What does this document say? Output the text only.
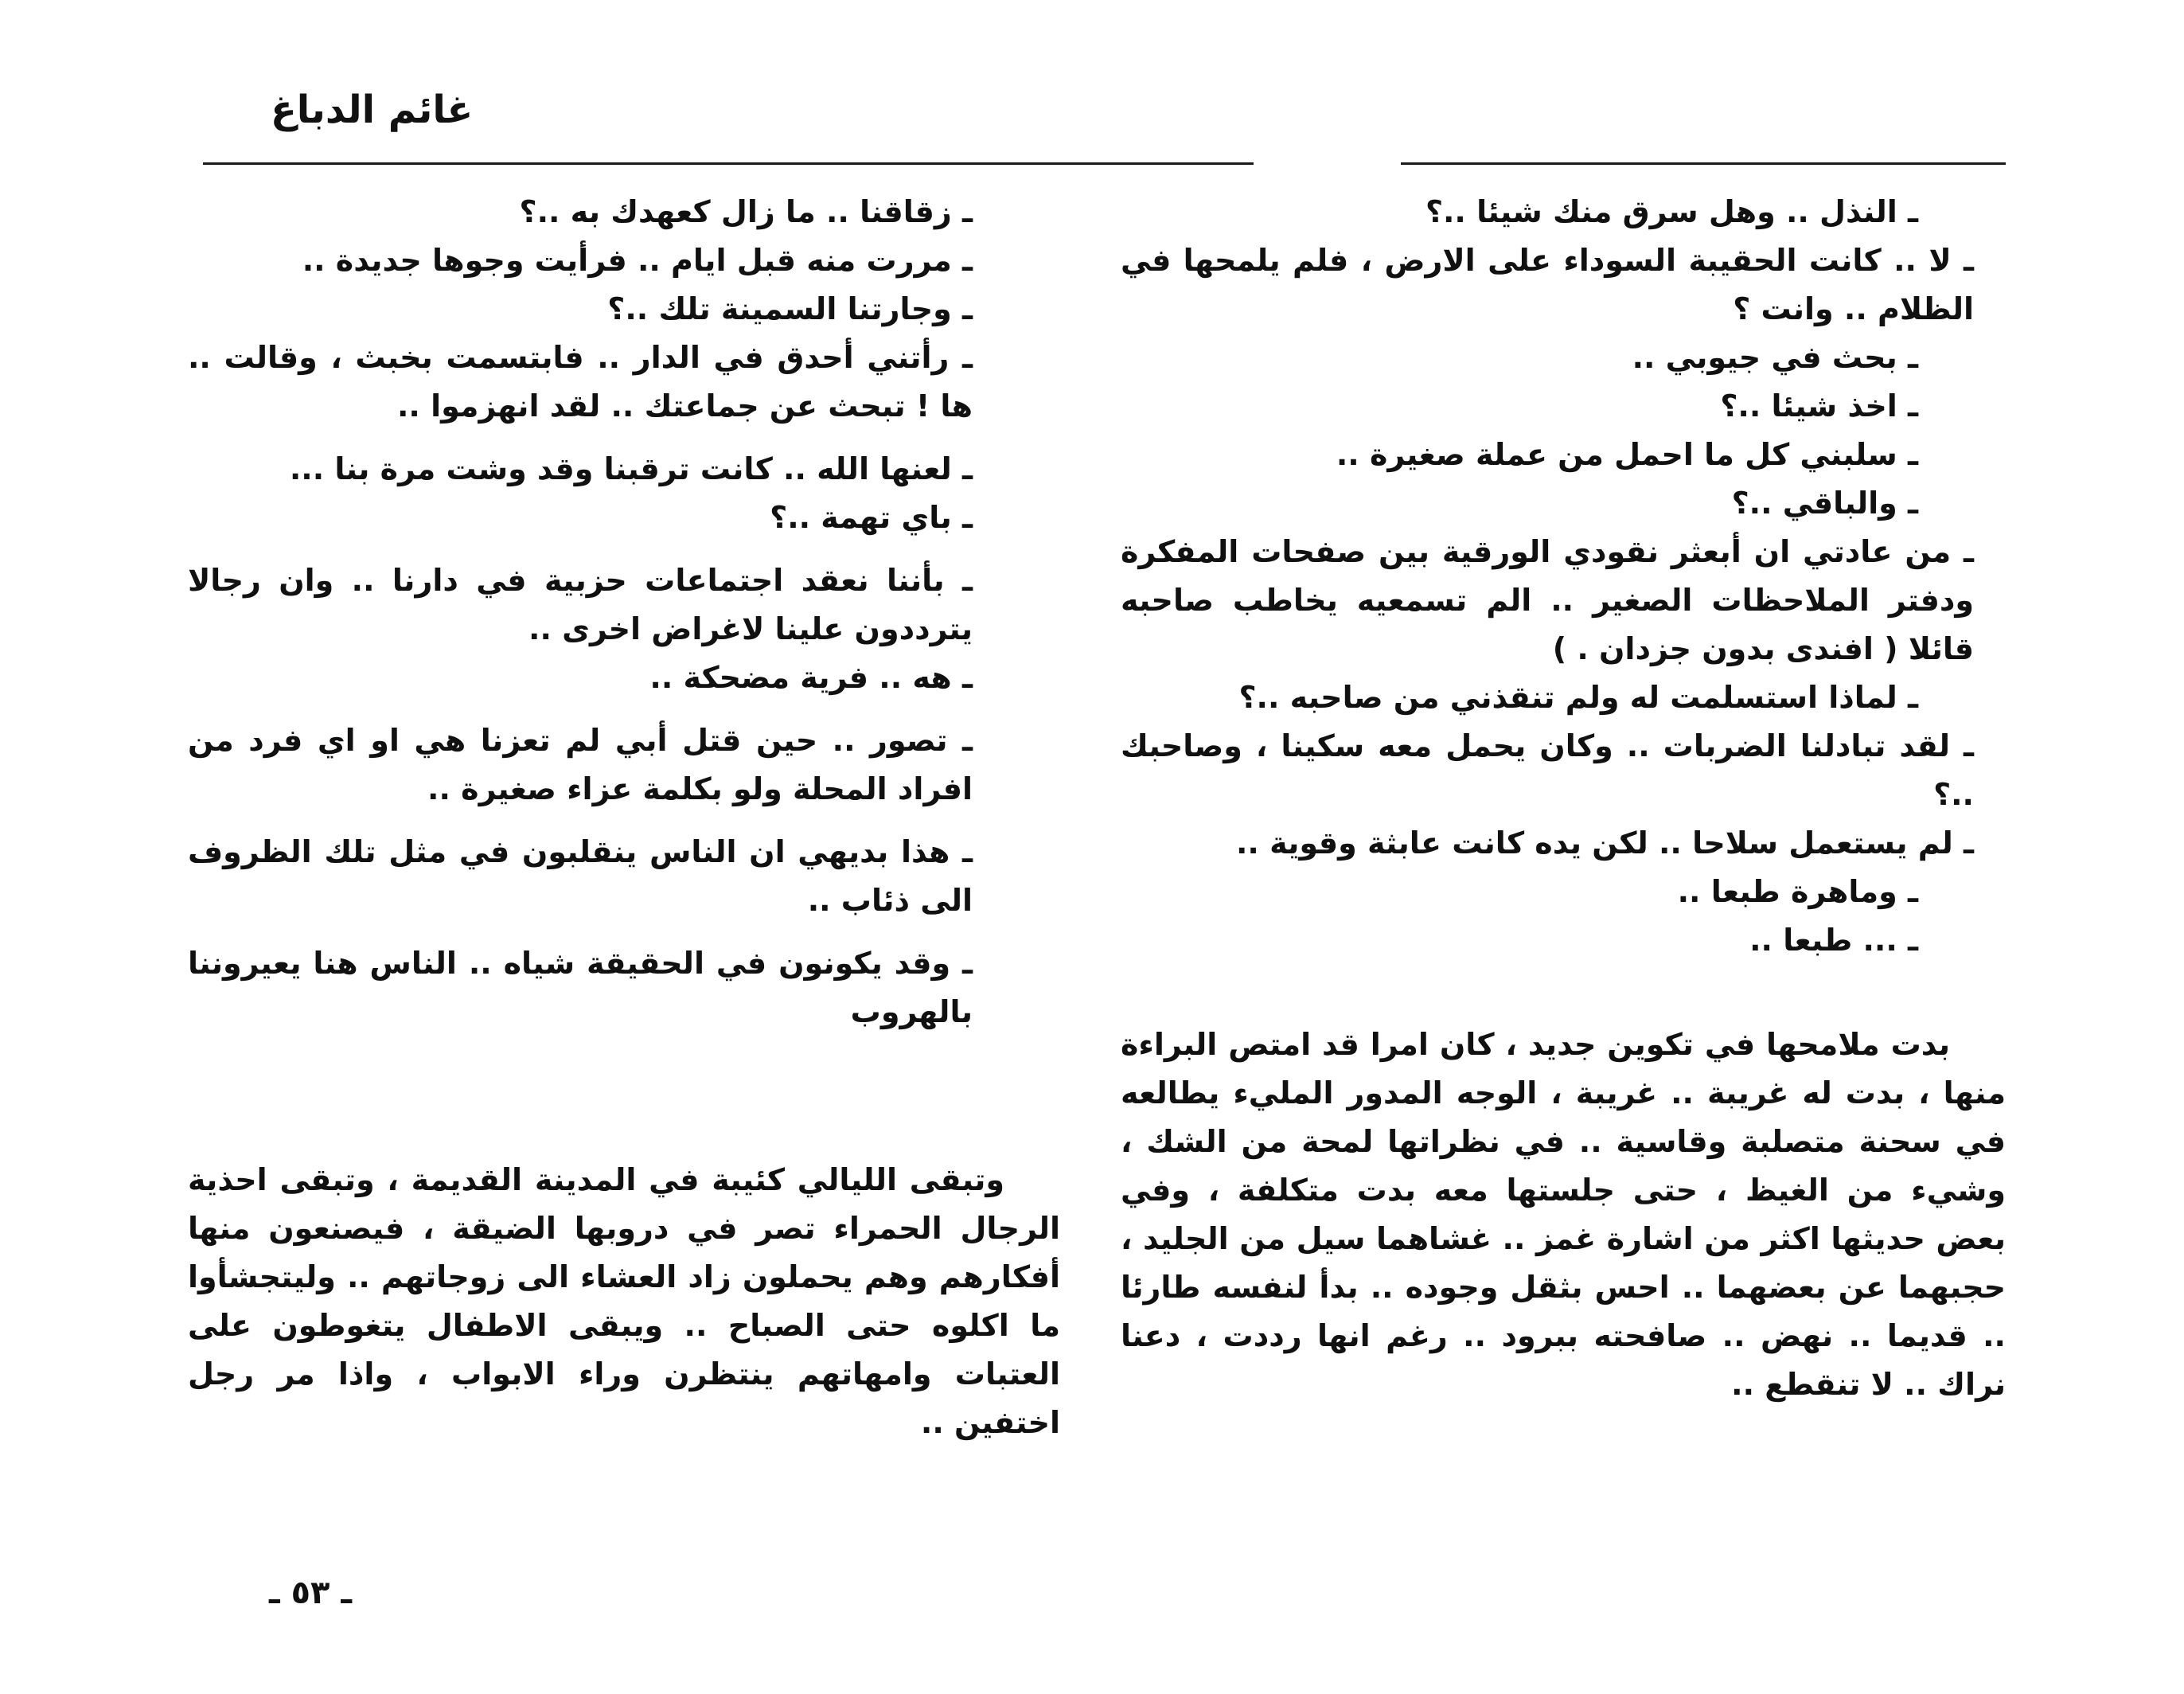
غائم الدباغ

ـ النذل .. وهل سرق منك شيئا ..؟

ـ لا .. كانت الحقيبة السوداء على الارض ، فلم يلمحها في الظلام .. وانت ؟

ـ بحث في جيوبي ..

ـ اخذ شيئا ..؟

ـ سلبني كل ما احمل من عملة صغيرة ..

ـ والباقي ..؟

ـ من عادتي ان أبعثر نقودي الورقية بين صفحات المفكرة ودفتر الملاحظات الصغير .. الم تسمعيه يخاطب صاحبه قائلا ( افندى بدون جزدان . )

ـ لماذا استسلمت له ولم تنقذني من صاحبه ..؟

ـ لقد تبادلنا الضربات .. وكان يحمل معه سكينا ، وصاحبك ..؟

ـ لم يستعمل سلاحا .. لكن يده كانت عابثة وقوية ..

ـ وماهرة طبعا ..

ـ ... طبعا ..

بدت ملامحها في تكوين جديد ، كان امرا قد امتص البراءة منها ، بدت له غريبة .. غريبة ، الوجه المدور المليء يطالعه في سحنة متصلبة وقاسية .. في نظراتها لمحة من الشك ، وشيء من الغيظ ، حتى جلستها معه بدت متكلفة ، وفي بعض حديثها اكثر من اشارة غمز .. غشاهما سيل من الجليد ، حجبهما عن بعضهما .. احس بثقل وجوده .. بدأ لنفسه طارئا .. قديما .. نهض .. صافحته ببرود .. رغم انها رددت ، دعنا نراك .. لا تنقطع ..

ـ زقاقنا .. ما زال كعهدك به ..؟

ـ مررت منه قبل ايام .. فرأيت وجوها جديدة ..

ـ وجارتنا السمينة تلك ..؟

ـ رأتني أحدق في الدار .. فابتسمت بخبث ، وقالت .. ها ! تبحث عن جماعتك .. لقد انهزموا ..

ـ لعنها الله .. كانت ترقبنا وقد وشت مرة بنا ...

ـ باي تهمة ..؟

ـ بأننا نعقد اجتماعات حزبية في دارنا .. وان رجالا يترددون علينا لاغراض اخرى ..

ـ هه .. فرية مضحكة ..

ـ تصور .. حين قتل أبي لم تعزنا هي او اي فرد من افراد المحلة ولو بكلمة عزاء صغيرة ..

ـ هذا بديهي ان الناس ينقلبون في مثل تلك الظروف الى ذئاب ..

ـ وقد يكونون في الحقيقة شياه .. الناس هنا يعيروننا بالهروب

وتبقى الليالي كئيبة في المدينة القديمة ، وتبقى احذية الرجال الحمراء تصر في دروبها الضيقة ، فيصنعون منها أفكارهم وهم يحملون زاد العشاء الى زوجاتهم .. وليتجشأوا ما اكلوه حتى الصباح .. ويبقى الاطفال يتغوطون على العتبات وامهاتهم ينتظرن وراء الابواب ، واذا مر رجل اختفين ..

ـ ٥٣ ـ
